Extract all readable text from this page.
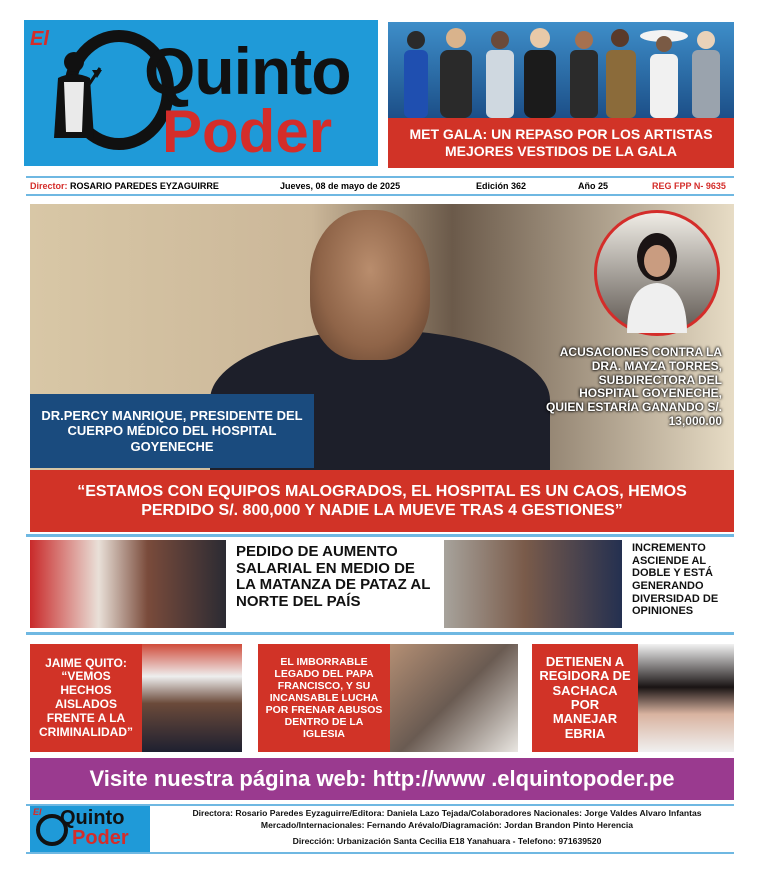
El Quinto
Poder	MET GALA: UN REPASO POR LOS ARTISTAS MEJORES VESTIDOS DE LA GALA
Director: ROSARIO PAREDES EYZAGUIRRE	Jueves, 08 de mayo de 2025	Edición 362	Año 25	REG FPP N- 9635
DR.PERCY MANRIQUE, PRESIDENTE DEL CUERPO MÉDICO DEL HOSPITAL GOYENECHE
ACUSACIONES CONTRA LA DRA. MAYZA TORRES, SUBDIRECTORA DEL HOSPITAL GOYENECHE, QUIEN ESTARÍA GANANDO S/. 13,000.00
“ESTAMOS CON EQUIPOS MALOGRADOS, EL HOSPITAL ES UN CAOS, HEMOS PERDIDO S/. 800,000 Y NADIE LA MUEVE TRAS 4 GESTIONES”
PEDIDO DE AUMENTO SALARIAL EN MEDIO DE LA MATANZA DE PATAZ AL NORTE DEL PAÍS
INCREMENTO ASCIENDE AL DOBLE Y ESTÁ GENERANDO DIVERSIDAD DE OPINIONES
JAIME QUITO: “VEMOS HECHOS AISLADOS FRENTE A LA CRIMINALIDAD”
EL IMBORRABLE LEGADO DEL PAPA FRANCISCO, Y SU INCANSABLE LUCHA POR FRENAR ABUSOS DENTRO DE LA IGLESIA
DETIENEN A REGIDORA DE SACHACA POR MANEJAR EBRIA
Visite nuestra página web: http://www .elquintopoder.pe
El Quinto
Poder
Directora: Rosario Paredes Eyzaguirre/Editora: Daniela Lazo Tejada/Colaboradores Nacionales: Jorge Valdes Alvaro Infantas Mercado/Internacionales: Fernando Arévalo/Diagramación: Jordan Brandon Pinto Herencia
Dirección: Urbanización Santa Cecilia E18 Yanahuara - Telefono: 971639520
